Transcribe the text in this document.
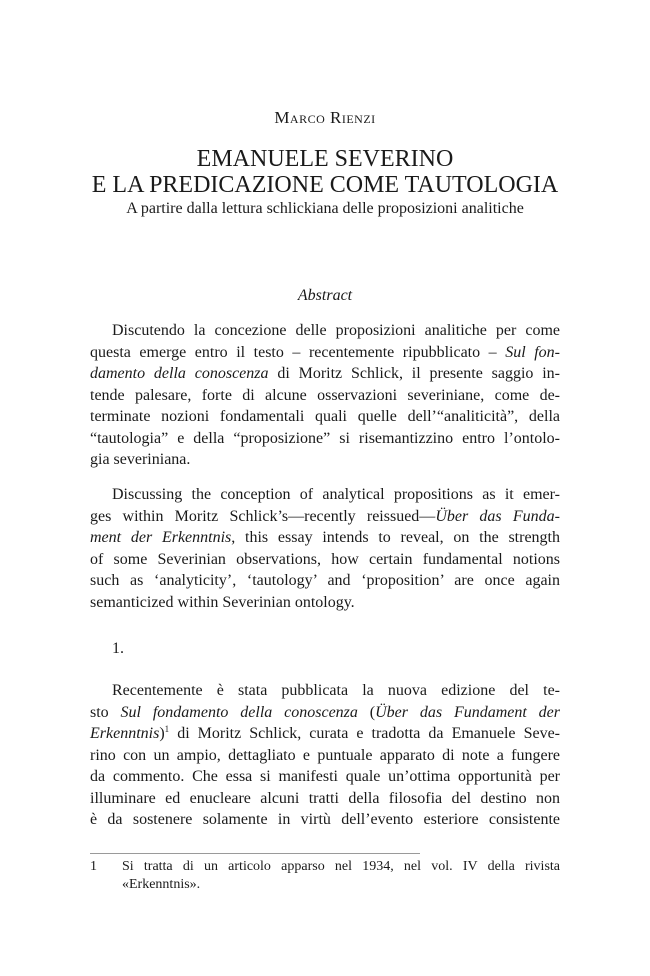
Marco Rienzi
EMANUELE SEVERINO
E LA PREDICAZIONE COME TAUTOLOGIA
A partire dalla lettura schlickiana delle proposizioni analitiche
Abstract
Discutendo la concezione delle proposizioni analitiche per come
questa emerge entro il testo – recentemente ripubblicato – Sul fon-
damento della conoscenza di Moritz Schlick, il presente saggio in-
tende palesare, forte di alcune osservazioni severiniane, come de-
terminate nozioni fondamentali quali quelle dell’“analiticità”, della
“tautologia” e della “proposizione” si risemantizzino entro l’ontolo-
gia severiniana.
Discussing the conception of analytical propositions as it emer-
ges within Moritz Schlick’s—recently reissued—Über das Funda-
ment der Erkenntnis, this essay intends to reveal, on the strength
of some Severinian observations, how certain fundamental notions
such as ‘analyticity’, ‘tautology’ and ‘proposition’ are once again
semanticized within Severinian ontology.
1.
Recentemente è stata pubblicata la nuova edizione del te-
sto Sul fondamento della conoscenza (Über das Fundament der
Erkenntnis)$^1$ di Moritz Schlick, curata e tradotta da Emanuele Seve-
rino con un ampio, dettagliato e puntuale apparato di note a fungere
da commento. Che essa si manifesti quale un’ottima opportunità per
illuminare ed enucleare alcuni tratti della filosofia del destino non
è da sostenere solamente in virtù dell’evento esteriore consistente
1 Si tratta di un articolo apparso nel 1934, nel vol. IV della rivista
«Erkenntnis».
